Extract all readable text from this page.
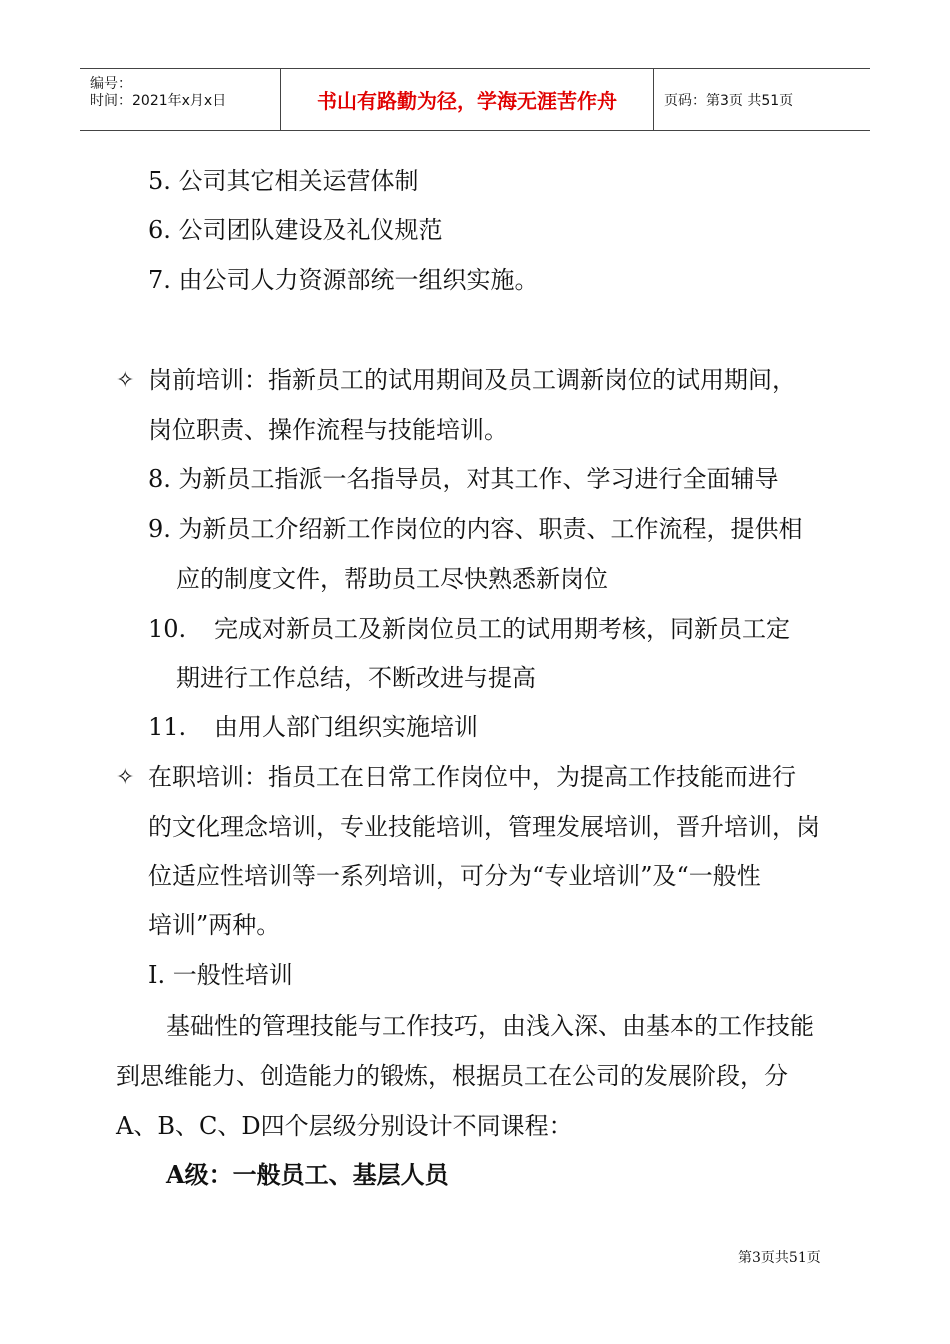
编号：
时间：2021年x月x日	书山有路勤为径，学海无涯苦作舟	页码：第3页 共51页
5. 公司其它相关运营体制
6. 公司团队建设及礼仪规范
7. 由公司人力资源部统一组织实施。
✧ 岗前培训：指新员工的试用期间及员工调新岗位的试用期间，
岗位职责、操作流程与技能培训。
8. 为新员工指派一名指导员，对其工作、学习进行全面辅导
9. 为新员工介绍新工作岗位的内容、职责、工作流程，提供相
应的制度文件，帮助员工尽快熟悉新岗位
10. 完成对新员工及新岗位员工的试用期考核，同新员工定
期进行工作总结，不断改进与提高
11. 由用人部门组织实施培训
✧ 在职培训：指员工在日常工作岗位中，为提高工作技能而进行
的文化理念培训，专业技能培训，管理发展培训，晋升培训，岗
位适应性培训等一系列培训，可分为“专业培训”及“一般性
培训”两种。
I. 一般性培训
基础性的管理技能与工作技巧，由浅入深、由基本的工作技能
到思维能力、创造能力的锻炼，根据员工在公司的发展阶段，分
A、B、C、D四个层级分别设计不同课程：
A级：一般员工、基层人员
第3页共51页
